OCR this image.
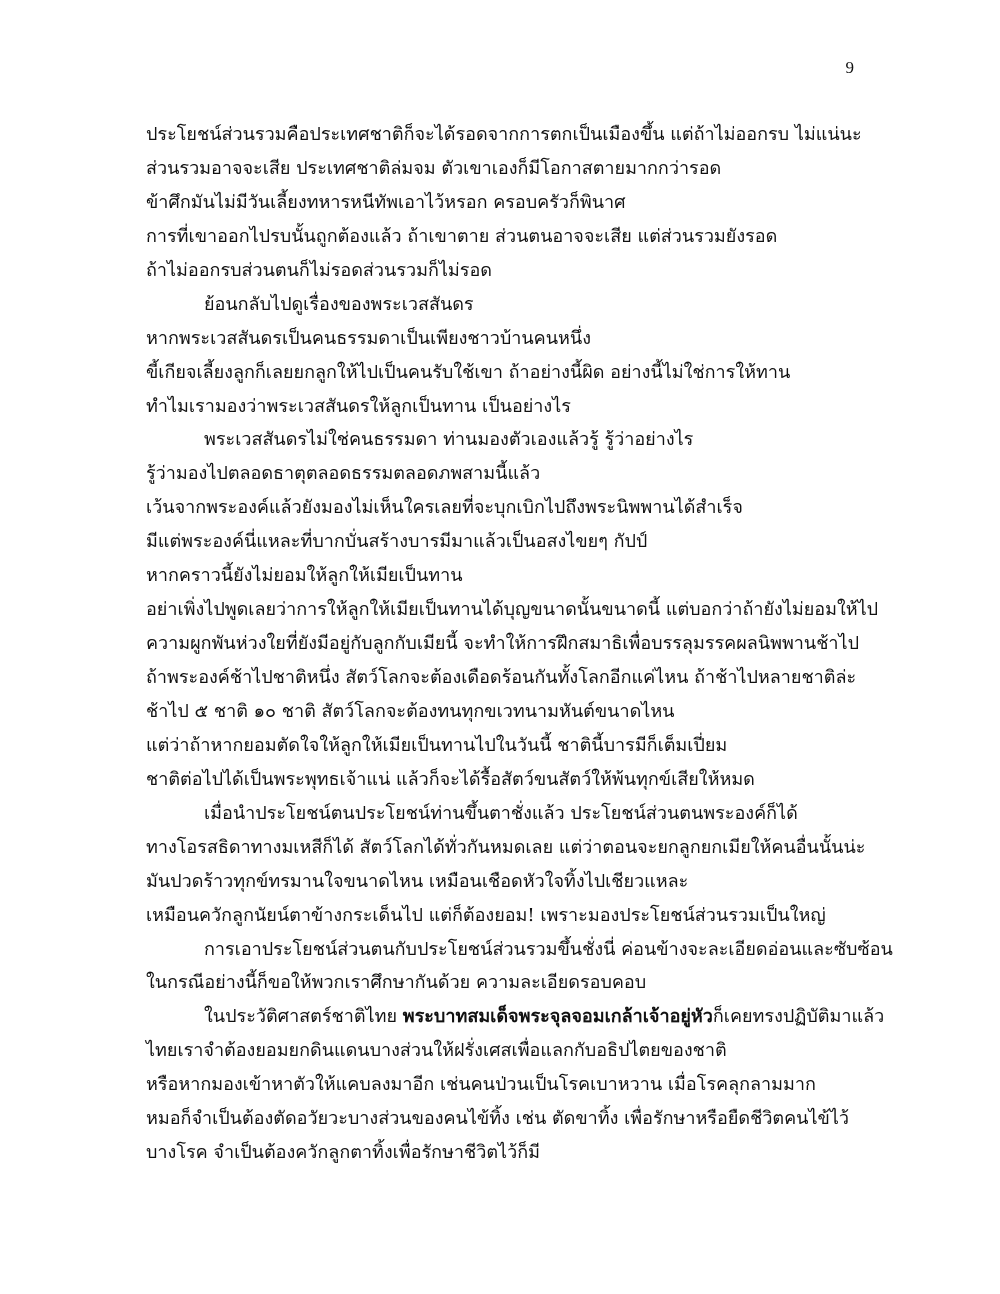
9
ประโยชน์ส่วนรวมคือประเทศชาติก็จะได้รอดจากการตกเป็นเมืองขึ้น แต่ถ้าไม่ออกรบ ไม่แน่นะ
ส่วนรวมอาจจะเสีย ประเทศชาติล่มจม ตัวเขาเองก็มีโอกาสตายมากกว่ารอด
ข้าศึกมันไม่มีวันเลี้ยงทหารหนีทัพเอาไว้หรอก ครอบครัวก็พินาศ
การที่เขาออกไปรบนั้นถูกต้องแล้ว ถ้าเขาตาย ส่วนตนอาจจะเสีย แต่ส่วนรวมยังรอด
ถ้าไม่ออกรบส่วนตนก็ไม่รอดส่วนรวมก็ไม่รอด
ย้อนกลับไปดูเรื่องของพระเวสสันดร
หากพระเวสสันดรเป็นคนธรรมดาเป็นเพียงชาวบ้านคนหนึ่ง
ขี้เกียจเลี้ยงลูกก็เลยยกลูกให้ไปเป็นคนรับใช้เขา ถ้าอย่างนี้ผิด อย่างนี้ไม่ใช่การให้ทาน
ทำไมเรามองว่าพระเวสสันดรให้ลูกเป็นทาน เป็นอย่างไร
พระเวสสันดรไม่ใช่คนธรรมดา ท่านมองตัวเองแล้วรู้ รู้ว่าอย่างไร
รู้ว่ามองไปตลอดธาตุตลอดธรรมตลอดภพสามนี้แล้ว
เว้นจากพระองค์แล้วยังมองไม่เห็นใครเลยที่จะบุกเบิกไปถึงพระนิพพานได้สำเร็จ
มีแต่พระองค์นี่แหละที่บากบั่นสร้างบารมีมาแล้วเป็นอสงไขยๆ กัปป์
หากคราวนี้ยังไม่ยอมให้ลูกให้เมียเป็นทาน
อย่าเพิ่งไปพูดเลยว่าการให้ลูกให้เมียเป็นทานได้บุญขนาดนั้นขนาดนี้ แต่บอกว่าถ้ายังไม่ยอมให้ไป
ความผูกพันห่วงใยที่ยังมีอยู่กับลูกกับเมียนี้ จะทำให้การฝึกสมาธิเพื่อบรรลุมรรคผลนิพพานช้าไป
ถ้าพระองค์ช้าไปชาติหนึ่ง สัตว์โลกจะต้องเดือดร้อนกันทั้งโลกอีกแค่ไหน ถ้าช้าไปหลายชาติล่ะ
ช้าไป ๕ ชาติ ๑๐ ชาติ สัตว์โลกจะต้องทนทุกขเวทนามหันต์ขนาดไหน
แต่ว่าถ้าหากยอมตัดใจให้ลูกให้เมียเป็นทานไปในวันนี้ ชาตินี้บารมีก็เต็มเปี่ยม
ชาติต่อไปได้เป็นพระพุทธเจ้าแน่ แล้วก็จะได้รื้อสัตว์ขนสัตว์ให้พ้นทุกข์เสียให้หมด
เมื่อนำประโยชน์ตนประโยชน์ท่านขึ้นตาชั่งแล้ว ประโยชน์ส่วนตนพระองค์ก็ได้
ทางโอรสธิดาทางมเหสีก็ได้ สัตว์โลกได้ทั่วกันหมดเลย แต่ว่าตอนจะยกลูกยกเมียให้คนอื่นนั้นน่ะ
มันปวดร้าวทุกข์ทรมานใจขนาดไหน เหมือนเชือดหัวใจทิ้งไปเชียวแหละ
เหมือนควักลูกนัยน์ตาข้างกระเด็นไป แต่ก็ต้องยอม! เพราะมองประโยชน์ส่วนรวมเป็นใหญ่
การเอาประโยชน์ส่วนตนกับประโยชน์ส่วนรวมขึ้นชั่งนี่ ค่อนข้างจะละเอียดอ่อนและซับซ้อน
ในกรณีอย่างนี้ก็ขอให้พวกเราศึกษากันด้วย ความละเอียดรอบคอบ
ในประวัติศาสตร์ชาติไทย พระบาทสมเด็จพระจุลจอมเกล้าเจ้าอยู่หัวก็เคยทรงปฏิบัติมาแล้ว
ไทยเราจำต้องยอมยกดินแดนบางส่วนให้ฝรั่งเศสเพื่อแลกกับอธิปไตยของชาติ
หรือหากมองเข้าหาตัวให้แคบลงมาอีก เช่นคนป่วนเป็นโรคเบาหวาน เมื่อโรคลุกลามมาก
หมอก็จำเป็นต้องตัดอวัยวะบางส่วนของคนไข้ทิ้ง เช่น ตัดขาทิ้ง เพื่อรักษาหรือยืดชีวิตคนไข้ไว้
บางโรค จำเป็นต้องควักลูกตาทิ้งเพื่อรักษาชีวิตไว้ก็มี
